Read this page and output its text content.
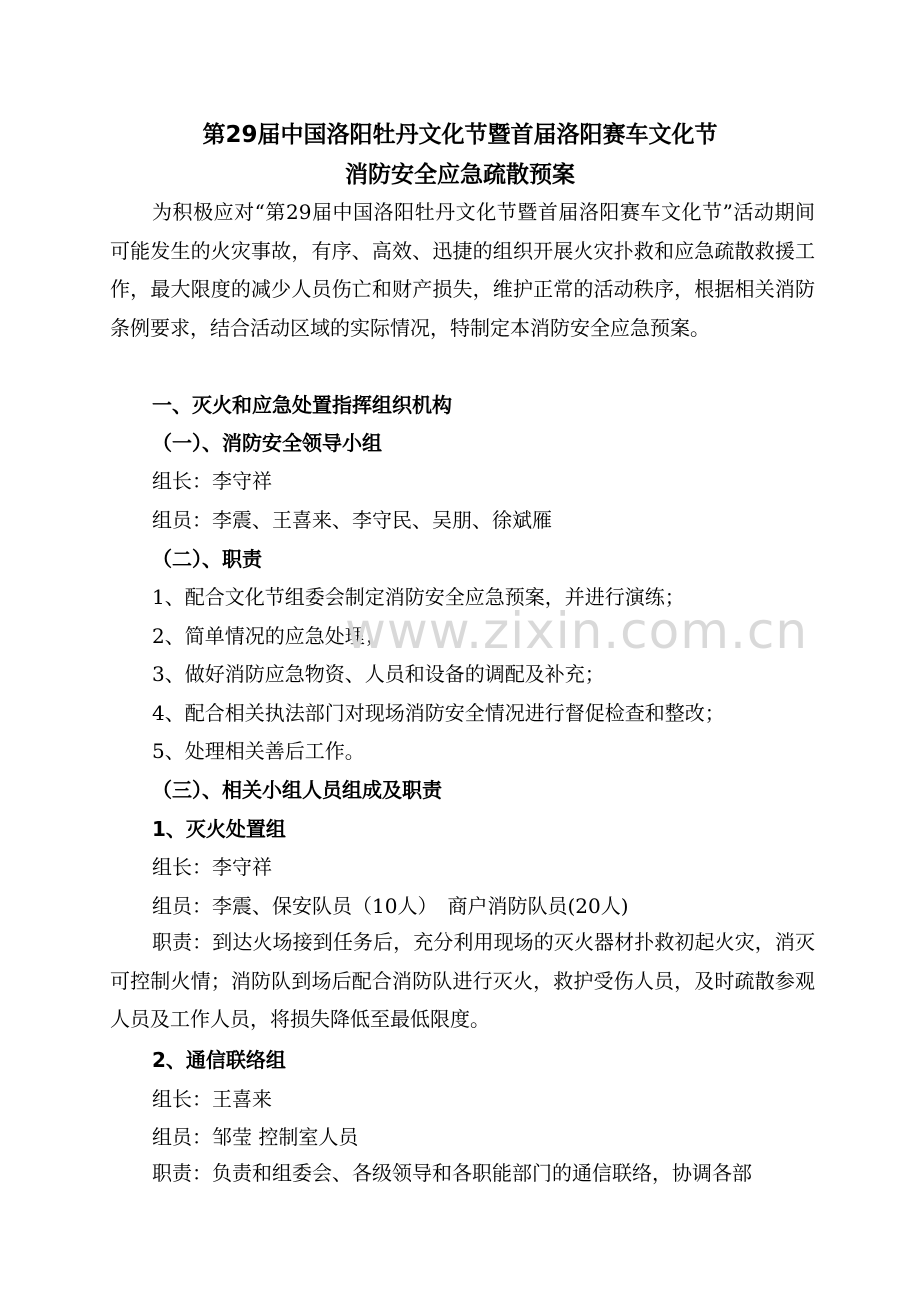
第29届中国洛阳牡丹文化节暨首届洛阳赛车文化节
消防安全应急疏散预案

为积极应对“第29届中国洛阳牡丹文化节暨首届洛阳赛车文化节”活动期间可能发生的火灾事故，有序、高效、迅捷的组织开展火灾扑救和应急疏散救援工作，最大限度的减少人员伤亡和财产损失，维护正常的活动秩序，根据相关消防条例要求，结合活动区域的实际情况，特制定本消防安全应急预案。

一、灭火和应急处置指挥组织机构
（一）、消防安全领导小组
组长：李守祥
组员：李震、王喜来、李守民、吴朋、徐斌雁
（二）、职责
1、配合文化节组委会制定消防安全应急预案，并进行演练；
2、简单情况的应急处理；
3、做好消防应急物资、人员和设备的调配及补充；
4、配合相关执法部门对现场消防安全情况进行督促检查和整改；
5、处理相关善后工作。
（三）、相关小组人员组成及职责
1、灭火处置组
组长：李守祥
组员：李震、保安队员（10人）　商户消防队员(20人)

职责：到达火场接到任务后，充分利用现场的灭火器材扑救初起火灾，消灭可控制火情；消防队到场后配合消防队进行灭火，救护受伤人员，及时疏散参观人员及工作人员，将损失降低至最低限度。

2、通信联络组
组长：王喜来
组员：邹莹 控制室人员

职责：负责和组委会、各级领导和各职能部门的通信联络，协调各部

www.zixin.com.cn
